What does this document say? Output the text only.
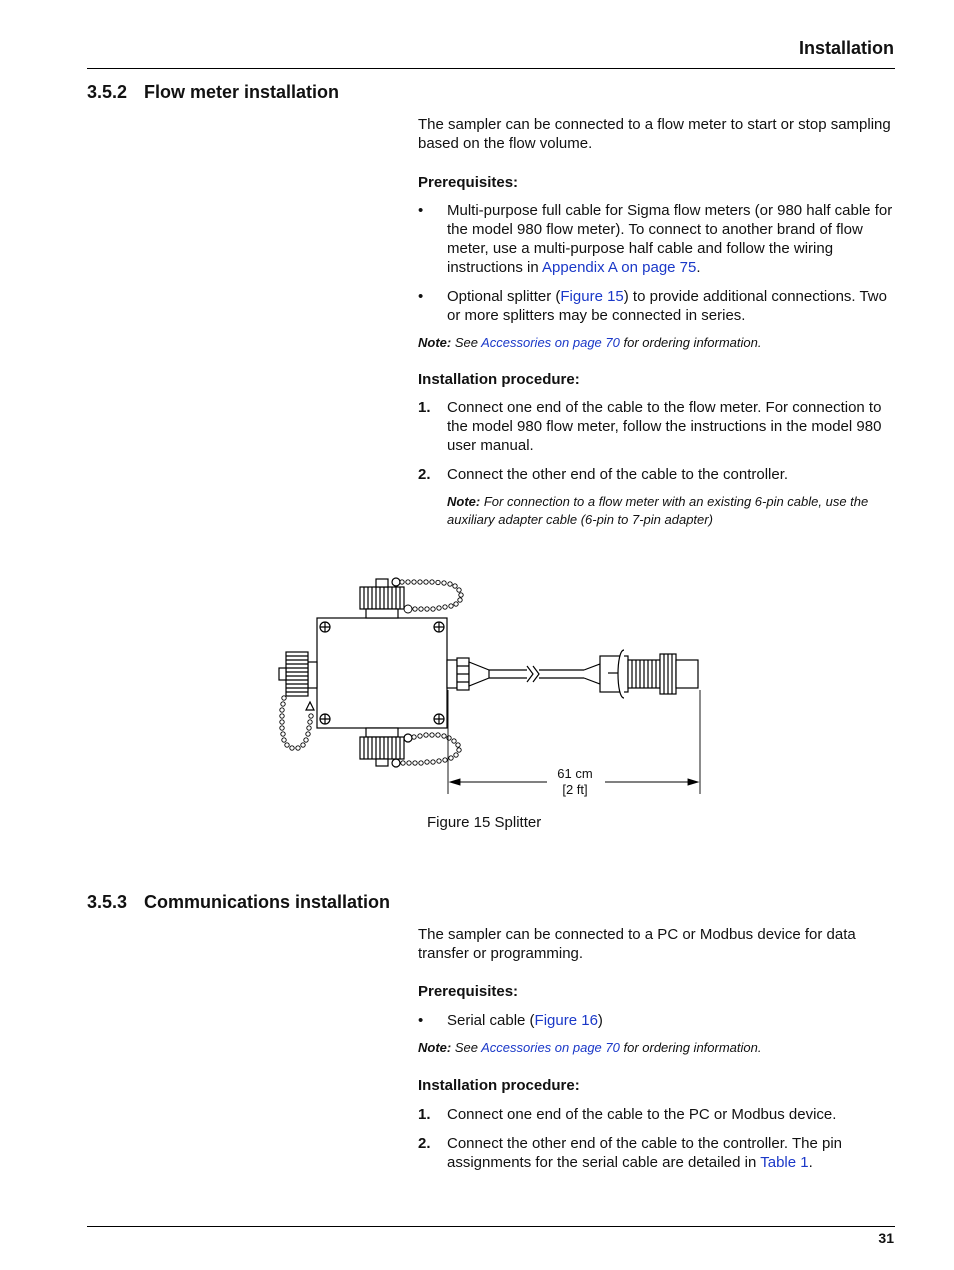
Installation
3.5.2 Flow meter installation

The sampler can be connected to a flow meter to start or stop sampling based on the flow volume.

Prerequisites:

• Multi-purpose full cable for Sigma flow meters (or 980 half cable for the model 980 flow meter). To connect to another brand of flow meter, use a multi-purpose half cable and follow the wiring instructions in Appendix A on page 75.
• Optional splitter (Figure 15) to provide additional connections. Two or more splitters may be connected in series.

Note: See Accessories on page 70 for ordering information.

Installation procedure:

1. Connect one end of the cable to the flow meter. For connection to the model 980 flow meter, follow the instructions in the model 980 user manual.
2. Connect the other end of the cable to the controller.

Note: For connection to a flow meter with an existing 6-pin cable, use the auxiliary adapter cable (6-pin to 7-pin adapter)

61 cm
[2 ft]
Figure 15 Splitter
3.5.3 Communications installation

The sampler can be connected to a PC or Modbus device for data transfer or programming.

Prerequisites:

• Serial cable (Figure 16)

Note: See Accessories on page 70 for ordering information.

Installation procedure:

1. Connect one end of the cable to the PC or Modbus device.
2. Connect the other end of the cable to the controller. The pin assignments for the serial cable are detailed in Table 1.
31
